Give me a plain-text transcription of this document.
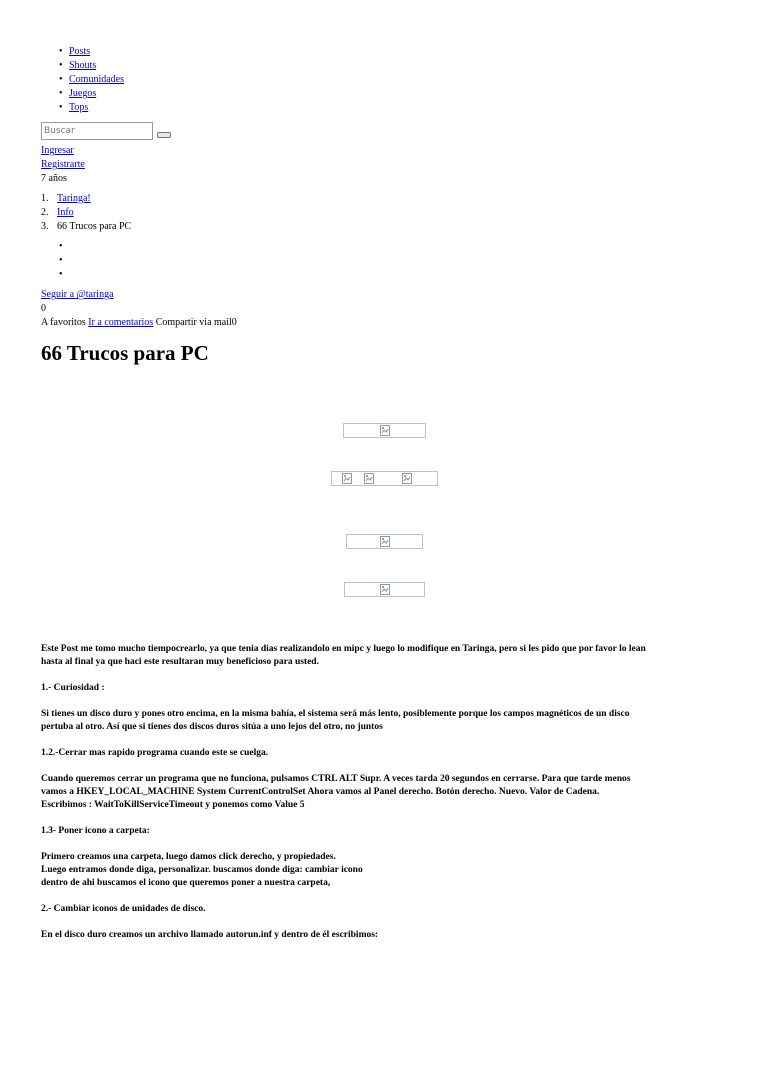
• Posts
• Shouts
• Comunidades
• Juegos
• Tops
Buscar
Ingresar
Registrarte
7 años
1. Taringa!
2. Info
3. 66 Trucos para PC
•
•
•
Seguir a @taringa
0
A favoritos Ir a comentarios Compartir via mail0
66 Trucos para PC

Este Post me tomo mucho tiempocrearlo, ya que tenia dias realizandolo en mipc y luego lo modifique en Taringa, pero si les pido que por favor lo lean

hasta al final ya que haci este resultaran muy beneficioso para usted.

1.- Curiosidad :

Si tienes un disco duro y pones otro encima, en la misma bahía, el sistema será más lento, posiblemente porque los campos magnéticos de un disco

pertuba al otro. Así que si tienes dos discos duros sitúa a uno lejos del otro, no juntos

1.2.-Cerrar mas rapido programa cuando este se cuelga.

Cuando queremos cerrar un programa que no funciona, pulsamos CTRL ALT Supr. A veces tarda 20 segundos en cerrarse. Para que tarde menos

vamos a HKEY_LOCAL_MACHINE System CurrentControlSet Ahora vamos al Panel derecho. Botón derecho. Nuevo. Valor de Cadena.

Escribimos : WaitToKillServiceTimeout y ponemos como Value 5

1.3- Poner icono a carpeta:

Primero creamos una carpeta, luego damos click derecho, y propiedades.

Luego entramos donde diga, personalizar. buscamos donde diga: cambiar icono

dentro de ahi buscamos el icono que queremos poner a nuestra carpeta,

2.- Cambiar iconos de unidades de disco.

En el disco duro creamos un archivo llamado autorun.inf y dentro de él escribimos:
